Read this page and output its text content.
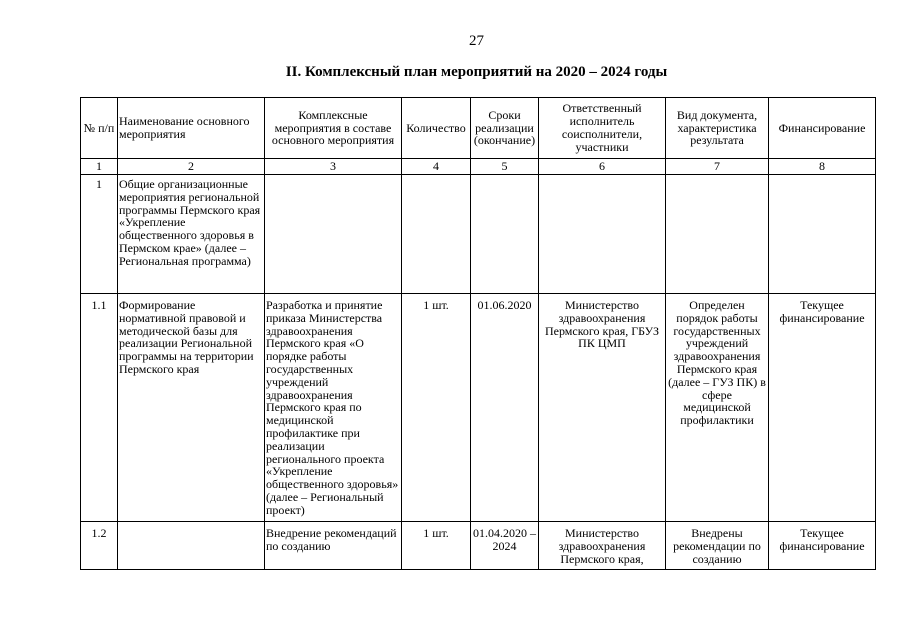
27
II. Комплексный план мероприятий на 2020 – 2024 годы
№ п/п	Наименование основного мероприятия	Комплексные мероприятия в составе основного мероприятия	Количество	Сроки реализации (окончание)	Ответственный исполнитель соисполнители, участники	Вид документа, характеристика результата	Финансирование
1	2	3	4	5	6	7	8
1	Общие организационные мероприятия региональной программы Пермского края «Укрепление общественного здоровья в Пермском крае» (далее – Региональная программа)						
1.1	Формирование нормативной правовой и методической базы для реализации Региональной программы на территории Пермского края	Разработка и принятие приказа Министерства здравоохранения Пермского края «О порядке работы государственных учреждений здравоохранения Пермского края по медицинской профилактике при реализации регионального проекта «Укрепление общественного здоровья» (далее – Региональный проект)	1 шт.	01.06.2020	Министерство здравоохранения Пермского края, ГБУЗ ПК ЦМП	Определен порядок работы государственных учреждений здравоохранения Пермского края (далее – ГУЗ ПК) в сфере медицинской профилактики	Текущее финансирование
1.2		Внедрение рекомендаций по созданию	1 шт.	01.04.2020 – 2024	Министерство здравоохранения Пермского края,	Внедрены рекомендации по созданию	Текущее финансирование
